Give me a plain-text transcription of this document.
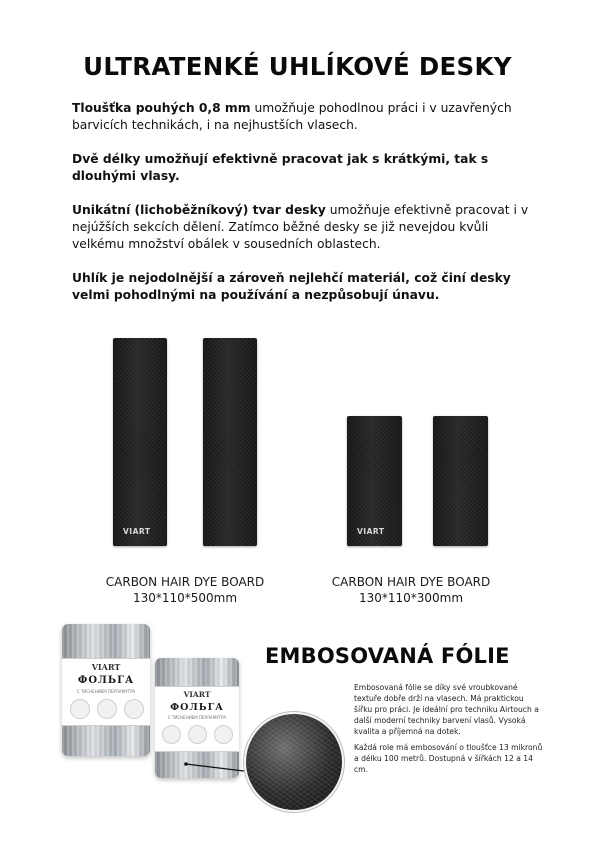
ULTRATENKÉ UHLÍKOVÉ DESKY

Tloušťka pouhých 0,8 mm umožňuje pohodlnou práci i v uzavřených barvicích technikách, i na nejhustších vlasech.

Dvě délky umožňují efektivně pracovat jak s krátkými, tak s dlouhými vlasy.

Unikátní (lichoběžníkový) tvar desky umožňuje efektivně pracovat i v nejúžších sekcích dělení. Zatímco běžné desky se již nevejdou kvůli velkému množství obálek v sousedních oblastech.

Uhlík je nejodolnější a zároveň nejlehčí materiál, což činí desky velmi pohodlnými na používání a nezpůsobují únavu.

VIART
CARBON HAIR DYE BOARD
130*110*500mm
VIART
CARBON HAIR DYE BOARD
130*110*300mm
VIART
ФОЛЬГА
С ТИСНЕНИЕМ ПЕРЛАМУТРА	VIART
ФОЛЬГА
С ТИСНЕНИЕМ ПЕРЛАМУТРА
EMBOSOVANÁ FÓLIE

Embosovaná fólie se díky své vroubkované textuře dobře drží na vlasech. Má praktickou šířku pro práci. Je ideální pro techniku Airtouch a další moderní techniky barvení vlasů. Vysoká kvalita a příjemná na dotek.

Každá role má embosování o tloušťce 13 mikronů a délku 100 metrů. Dostupná v šířkách 12 a 14 cm.
